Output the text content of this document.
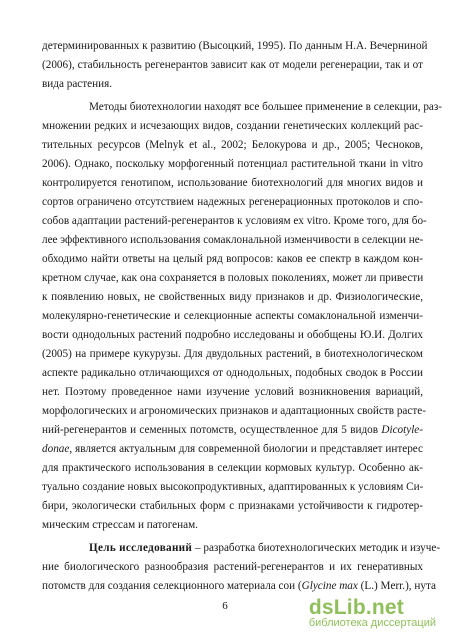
детерминированных к развитию (Высоцкий, 1995). По данным Н.А. Вечерниной
(2006), стабильность регенерантов зависит как от модели регенерации, так и от
вида растения.
Методы биотехнологии находят все большее применение в селекции, раз-
множении редких и исчезающих видов, создании генетических коллекций рас-
тительных ресурсов (Melnyk et al., 2002; Белокурова и др., 2005; Чесноков,
2006). Однако, поскольку морфогенный потенциал растительной ткани in vitro
контролируется генотипом, использование биотехнологий для многих видов и
сортов ограничено отсутствием надежных регенерационных протоколов и спо-
собов адаптации растений-регенерантов к условиям ex vitro. Кроме того, для бо-
лее эффективного использования сомаклональной изменчивости в селекции не-
обходимо найти ответы на целый ряд вопросов: каков ее спектр в каждом кон-
кретном случае, как она сохраняется в половых поколениях, может ли привести
к появлению новых, не свойственных виду признаков и др. Физиологические,
молекулярно-генетические и селекционные аспекты сомаклональной изменчи-
вости однодольных растений подробно исследованы и обобщены Ю.И. Долгих
(2005) на примере кукурузы. Для двудольных растений, в биотехнологическом
аспекте радикально отличающихся от однодольных, подобных сводок в России
нет. Поэтому проведенное нами изучение условий возникновения вариаций,
морфологических и агрономических признаков и адаптационных свойств расте-
ний-регенерантов и семенных потомств, осуществленное для 5 видов Dicotyle-
donae, является актуальным для современной биологии и представляет интерес
для практического использования в селекции кормовых культур. Особенно ак-
туально создание новых высокопродуктивных, адаптированных к условиям Си-
бири, экологически стабильных форм с признаками устойчивости к гидротер-
мическим стрессам и патогенам.
Цель исследований – разработка биотехнологических методик и изуче-
ние биологического разнообразия растений-регенерантов и их генеративных
6	dsLib.net
библиотека диссертаций
потомств для создания селекционного материала сои (Glycine max (L.) Merr.), нута
